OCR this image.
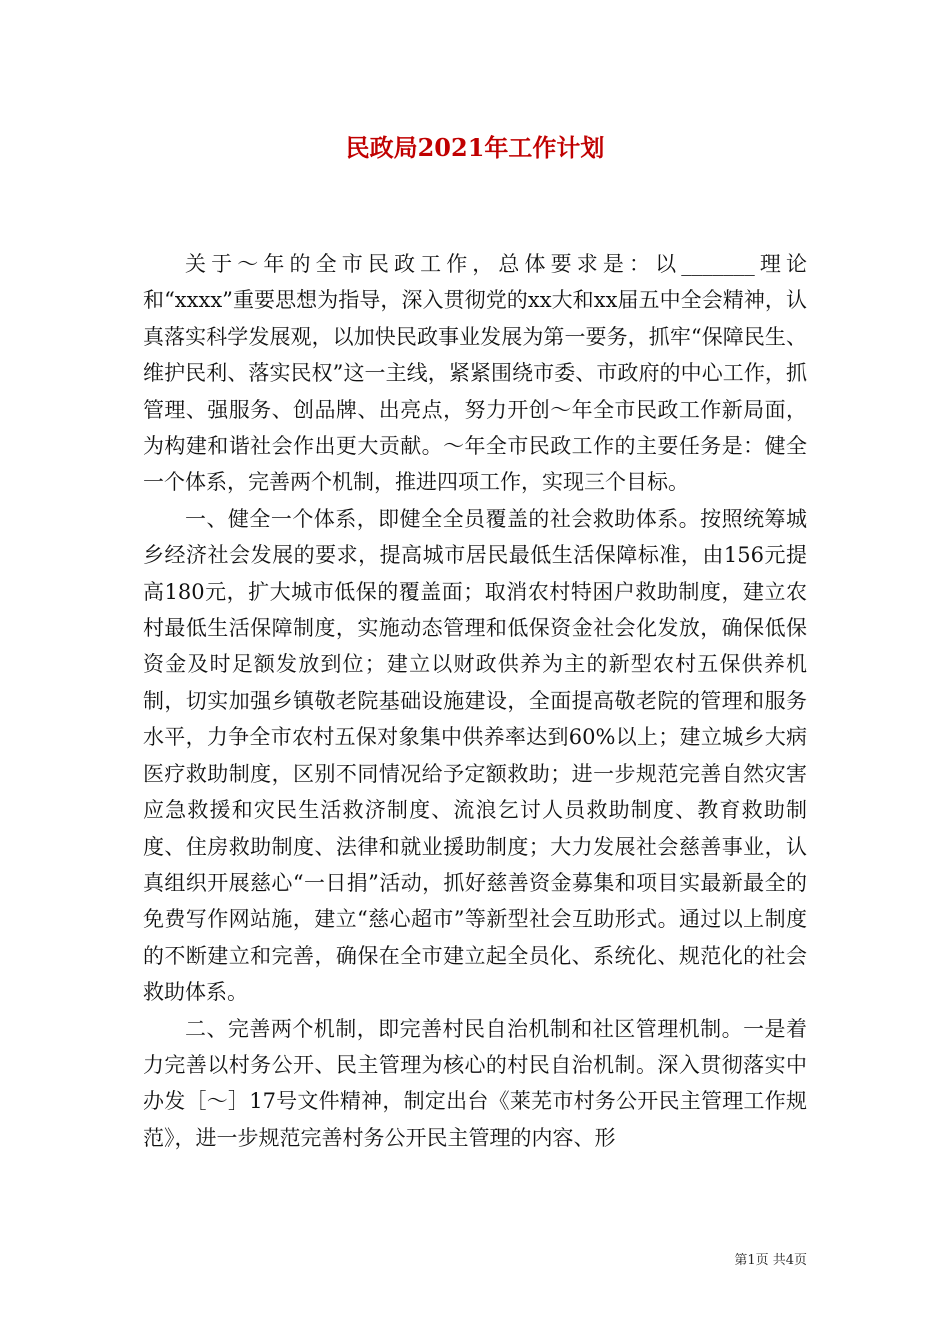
民政局2021年工作计划

关于～年的全市民政工作，总体要求是：以_______理论和“xxxx”重要思想为指导，深入贯彻党的xx大和xx届五中全会精神，认真落实科学发展观，以加快民政事业发展为第一要务，抓牢“保障民生、维护民利、落实民权”这一主线，紧紧围绕市委、市政府的中心工作，抓管理、强服务、创品牌、出亮点，努力开创～年全市民政工作新局面，为构建和谐社会作出更大贡献。～年全市民政工作的主要任务是：健全一个体系，完善两个机制，推进四项工作，实现三个目标。

一、健全一个体系，即健全全员覆盖的社会救助体系。按照统筹城乡经济社会发展的要求，提高城市居民最低生活保障标准，由156元提高180元，扩大城市低保的覆盖面；取消农村特困户救助制度，建立农村最低生活保障制度，实施动态管理和低保资金社会化发放，确保低保资金及时足额发放到位；建立以财政供养为主的新型农村五保供养机制，切实加强乡镇敬老院基础设施建设，全面提高敬老院的管理和服务水平，力争全市农村五保对象集中供养率达到60%以上；建立城乡大病医疗救助制度，区别不同情况给予定额救助；进一步规范完善自然灾害应急救援和灾民生活救济制度、流浪乞讨人员救助制度、教育救助制度、住房救助制度、法律和就业援助制度；大力发展社会慈善事业，认真组织开展慈心“一日捐”活动，抓好慈善资金募集和项目实最新最全的免费写作网站施，建立“慈心超市”等新型社会互助形式。通过以上制度的不断建立和完善，确保在全市建立起全员化、系统化、规范化的社会救助体系。

二、完善两个机制，即完善村民自治机制和社区管理机制。一是着力完善以村务公开、民主管理为核心的村民自治机制。深入贯彻落实中办发［～］17号文件精神，制定出台《莱芜市村务公开民主管理工作规范》，进一步规范完善村务公开民主管理的内容、形

第1页 共4页
